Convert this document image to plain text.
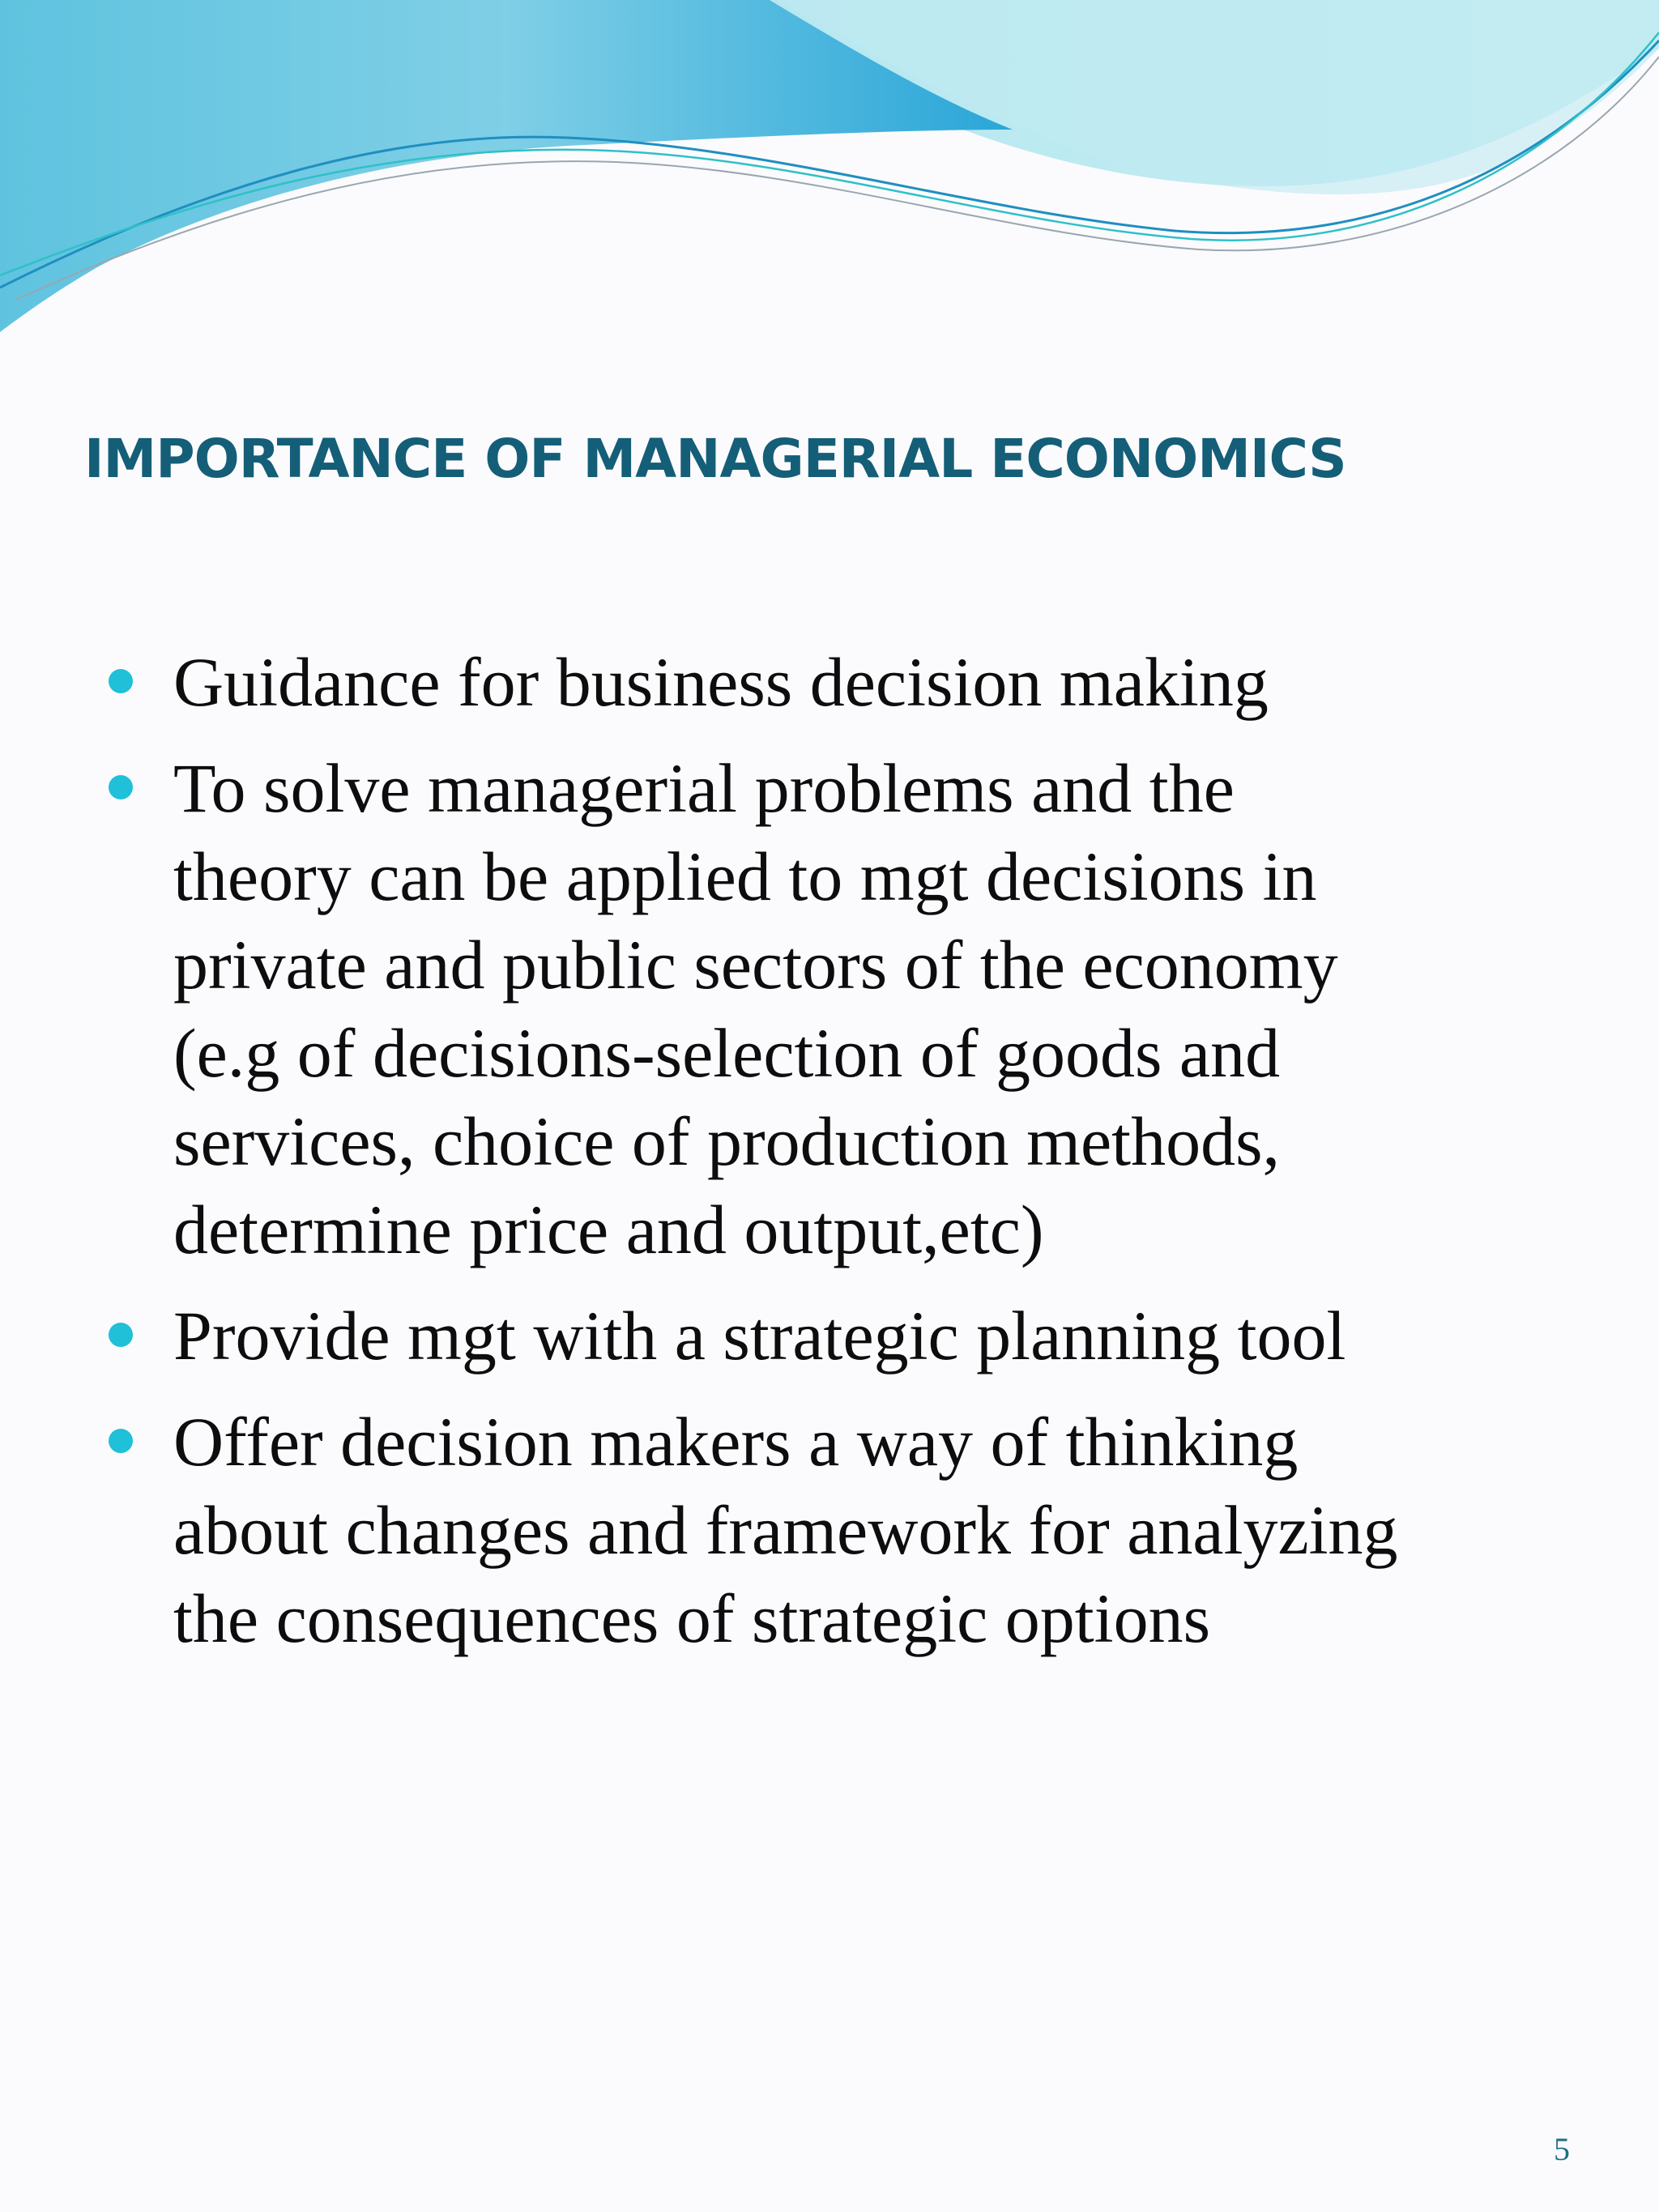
IMPORTANCE OF MANAGERIAL ECONOMICS
Guidance for business decision making
To solve managerial problems and the
theory can be applied to mgt decisions in
private and public sectors of the economy
(e.g of decisions-selection of goods and
services, choice of production methods,
determine price and output,etc)
Provide mgt with a strategic planning tool
Offer decision makers a way of thinking
about changes and framework for analyzing
the consequences of strategic options
5
